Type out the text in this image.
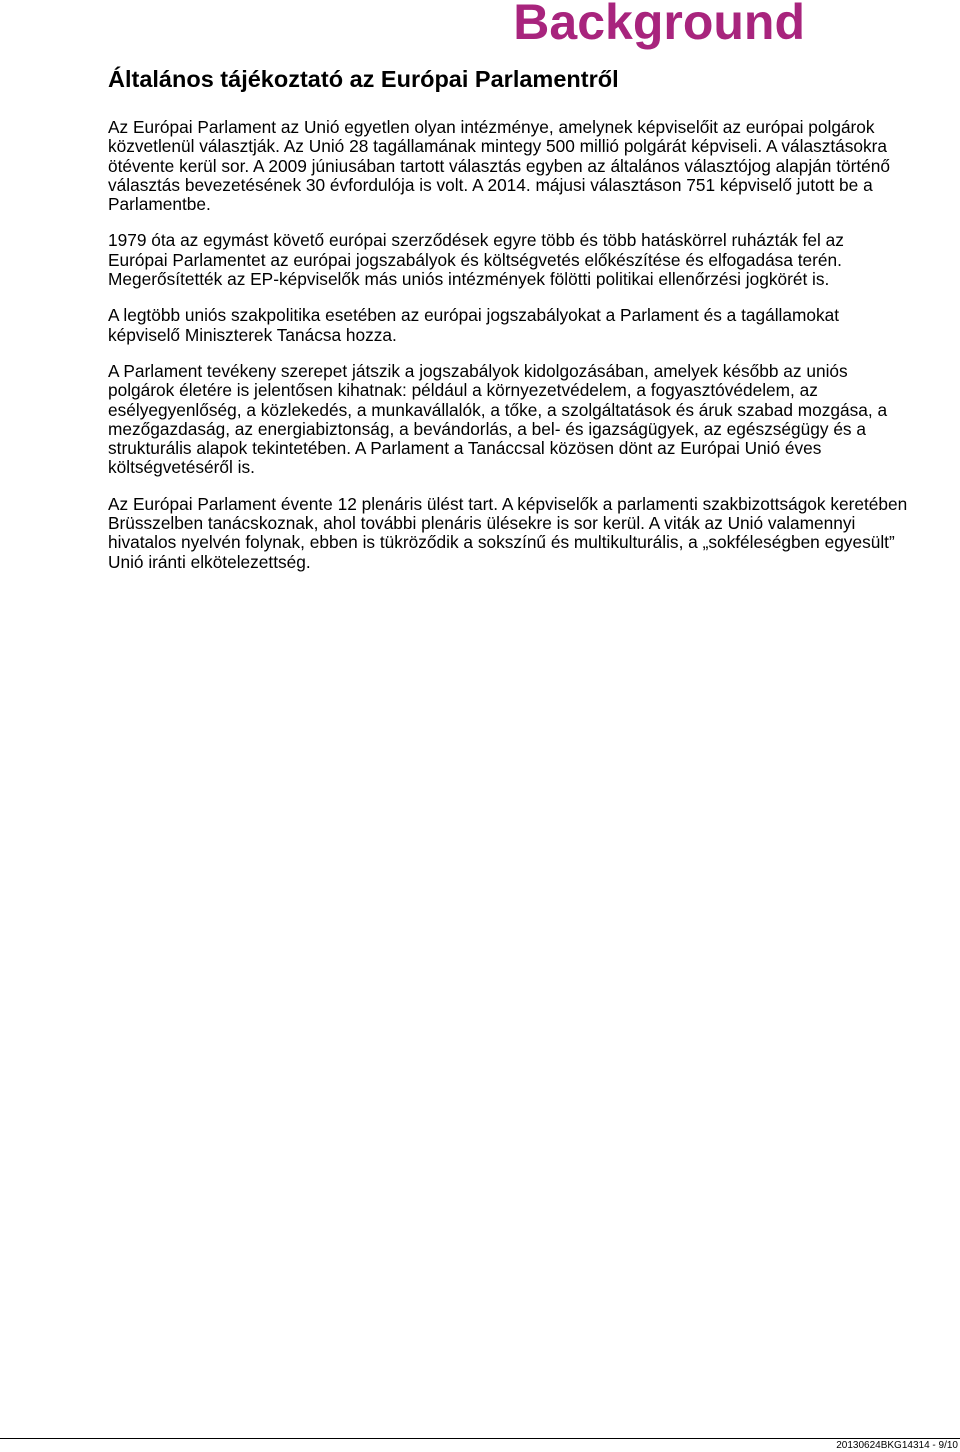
Background
Általános tájékoztató az Európai Parlamentről

Az Európai Parlament az Unió egyetlen olyan intézménye, amelynek képviselőit az európai polgárok közvetlenül választják. Az Unió 28 tagállamának mintegy 500 millió polgárát képviseli. A választásokra ötévente kerül sor. A 2009 júniusában tartott választás egyben az általános választójog alapján történő választás bevezetésének 30 évfordulója is volt. A 2014. májusi választáson 751 képviselő jutott be a Parlamentbe.

1979 óta az egymást követő európai szerződések egyre több és több hatáskörrel ruházták fel az Európai Parlamentet az európai jogszabályok és költségvetés előkészítése és elfogadása terén. Megerősítették az EP-képviselők más uniós intézmények fölötti politikai ellenőrzési jogkörét is.

A legtöbb uniós szakpolitika esetében az európai jogszabályokat a Parlament és a tagállamokat képviselő Miniszterek Tanácsa hozza.

A Parlament tevékeny szerepet játszik a jogszabályok kidolgozásában, amelyek később az uniós polgárok életére is jelentősen kihatnak: például a környezetvédelem, a fogyasztóvédelem, az esélyegyenlőség, a közlekedés, a munkavállalók, a tőke, a szolgáltatások és áruk szabad mozgása, a mezőgazdaság, az energiabiztonság, a bevándorlás, a bel- és igazságügyek, az egészségügy és a strukturális alapok tekintetében. A Parlament a Tanáccsal közösen dönt az Európai Unió éves költségvetéséről is.

Az Európai Parlament évente 12 plenáris ülést tart. A képviselők a parlamenti szakbizottságok keretében Brüsszelben tanácskoznak, ahol további plenáris ülésekre is sor kerül. A viták az Unió valamennyi hivatalos nyelvén folynak, ebben is tükröződik a sokszínű és multikulturális, a „sokféleségben egyesült” Unió iránti elkötelezettség.

20130624BKG14314 - 9/10
